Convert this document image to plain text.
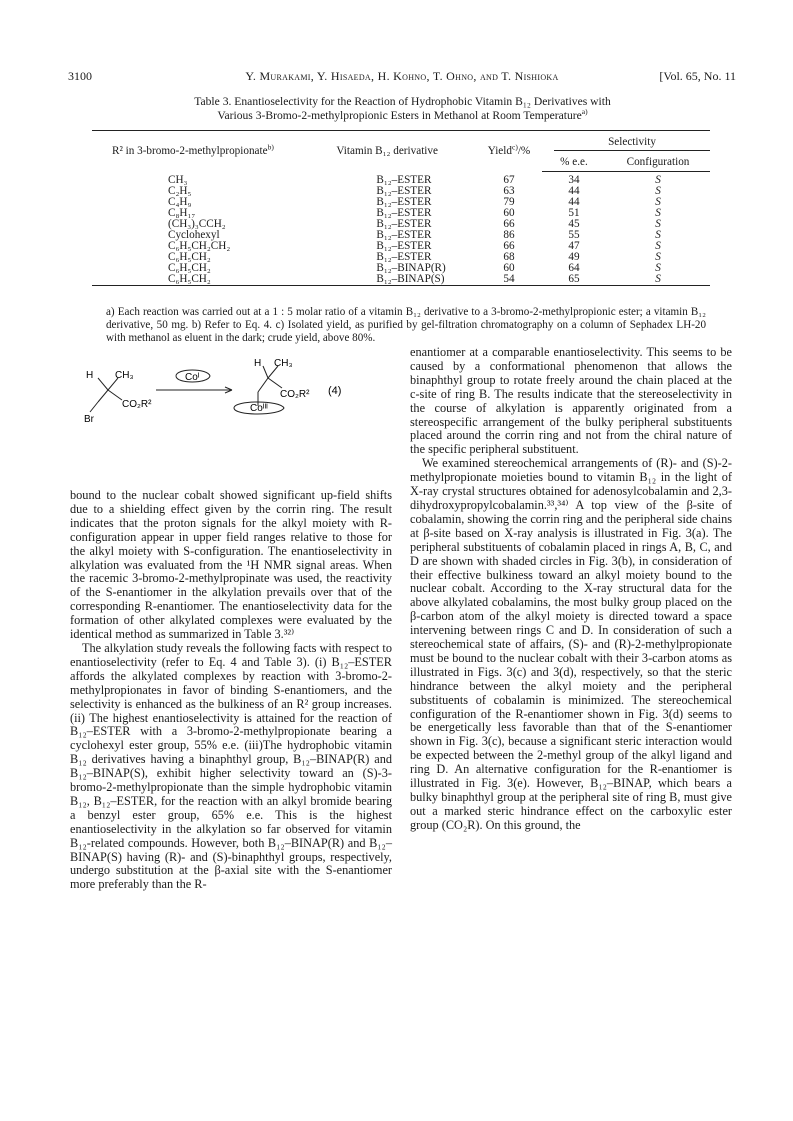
3100	Y. Murakami, Y. Hisaeda, H. Kohno, T. Ohno, and T. Nishioka	[Vol. 65, No. 11
Table 3. Enantioselectivity for the Reaction of Hydrophobic Vitamin B₁₂ Derivatives with
Various 3-Bromo-2-methylpropionic Esters in Methanol at Room Temperature$^{a)}$
R² in 3-bromo-2-methylpropionate$^{b)}$	Vitamin B₁₂ derivative	Yield$^{c)}$/%	Selectivity	

			% e.e.	Configuration
CH₃	B₁₂–ESTER	67	34	S
C₂H₅	B₁₂–ESTER	63	44	S
C₄H₉	B₁₂–ESTER	79	44	S
C₈H₁₇	B₁₂–ESTER	60	51	S
(CH₃)₃CCH₂	B₁₂–ESTER	66	45	S
Cyclohexyl	B₁₂–ESTER	86	55	S
C₆H₅CH₂CH₂	B₁₂–ESTER	66	47	S
C₆H₅CH₂	B₁₂–ESTER	68	49	S
C₆H₅CH₂	B₁₂–BINAP(R)	60	64	S
C₆H₅CH₂	B₁₂–BINAP(S)	54	65	S
a) Each reaction was carried out at a 1 : 5 molar ratio of a vitamin B₁₂ derivative to a 3-bromo-2-methylpropionic ester; a vitamin B₁₂ derivative, 50 mg. b) Refer to Eq. 4. c) Isolated yield, as purified by gel-filtration chromatography on a column of Sephadex LH-20 with methanol as eluent in the dark; crude yield, above 80%.
H CH₃
CO₂R²
Br
Coᴵ
H CH₃
CO₂R²
Coᴵᴵᴵ
(4)

bound to the nuclear cobalt showed significant up-field shifts due to a shielding effect given by the corrin ring. The result indicates that the proton signals for the alkyl moiety with R-configuration appear in upper field ranges relative to those for the alkyl moiety with S-configuration. The enantioselectivity in alkylation was evaluated from the ¹H NMR signal areas. When the racemic 3-bromo-2-methylpropinate was used, the reactivity of the S-enantiomer in the alkylation prevails over that of the corresponding R-enantiomer. The enantioselectivity data for the formation of other alkylated complexes were evaluated by the identical method as summarized in Table 3.³²⁾

The alkylation study reveals the following facts with respect to enantioselectivity (refer to Eq. 4 and Table 3). (i) B₁₂–ESTER affords the alkylated complexes by reaction with 3-bromo-2-methylpropionates in favor of binding S-enantiomers, and the selectivity is enhanced as the bulkiness of an R² group increases. (ii) The highest enantioselectivity is attained for the reaction of B₁₂–ESTER with a 3-bromo-2-methylpropionate bearing a cyclohexyl ester group, 55% e.e. (iii)The hydrophobic vitamin B₁₂ derivatives having a binaphthyl group, B₁₂–BINAP(R) and B₁₂–BINAP(S), exhibit higher selectivity toward an (S)-3-bromo-2-methylpropionate than the simple hydrophobic vitamin B₁₂, B₁₂–ESTER, for the reaction with an alkyl bromide bearing a benzyl ester group, 65% e.e. This is the highest enantioselectivity in the alkylation so far observed for vitamin B₁₂-related compounds. However, both B₁₂–BINAP(R) and B₁₂–BINAP(S) having (R)- and (S)-binaphthyl groups, respectively, undergo substitution at the β-axial site with the S-enantiomer more preferably than the R-

enantiomer at a comparable enantioselectivity. This seems to be caused by a conformational phenomenon that allows the binaphthyl group to rotate freely around the chain placed at the c-site of ring B. The results indicate that the stereoselectivity in the course of alkylation is apparently originated from a stereospecific arrangement of the bulky peripheral substituents placed around the corrin ring and not from the chiral nature of the specific peripheral substituent.

We examined stereochemical arrangements of (R)- and (S)-2-methylpropionate moieties bound to vitamin B₁₂ in the light of X-ray crystal structures obtained for adenosylcobalamin and 2,3-dihydroxypropylcobalamin.³³,³⁴⁾ A top view of the β-site of cobalamin, showing the corrin ring and the peripheral side chains at β-site based on X-ray analysis is illustrated in Fig. 3(a). The peripheral substituents of cobalamin placed in rings A, B, C, and D are shown with shaded circles in Fig. 3(b), in consideration of their effective bulkiness toward an alkyl moiety bound to the nuclear cobalt. According to the X-ray structural data for the above alkylated cobalamins, the most bulky group placed on the β-carbon atom of the alkyl moiety is directed toward a space intervening between rings C and D. In consideration of such a stereochemical state of affairs, (S)- and (R)-2-methylpropionate must be bound to the nuclear cobalt with their 3-carbon atoms as illustrated in Figs. 3(c) and 3(d), respectively, so that the steric hindrance between the alkyl moiety and the peripheral substituents of cobalamin is minimized. The stereochemical configuration of the R-enantiomer shown in Fig. 3(d) seems to be energetically less favorable than that of the S-enantiomer shown in Fig. 3(c), because a significant steric interaction would be expected between the 2-methyl group of the alkyl ligand and ring D. An alternative configuration for the R-enantiomer is illustrated in Fig. 3(e). However, B₁₂–BINAP, which bears a bulky binaphthyl group at the peripheral site of ring B, must give out a marked steric hindrance effect on the carboxylic ester group (CO₂R). On this ground, the
